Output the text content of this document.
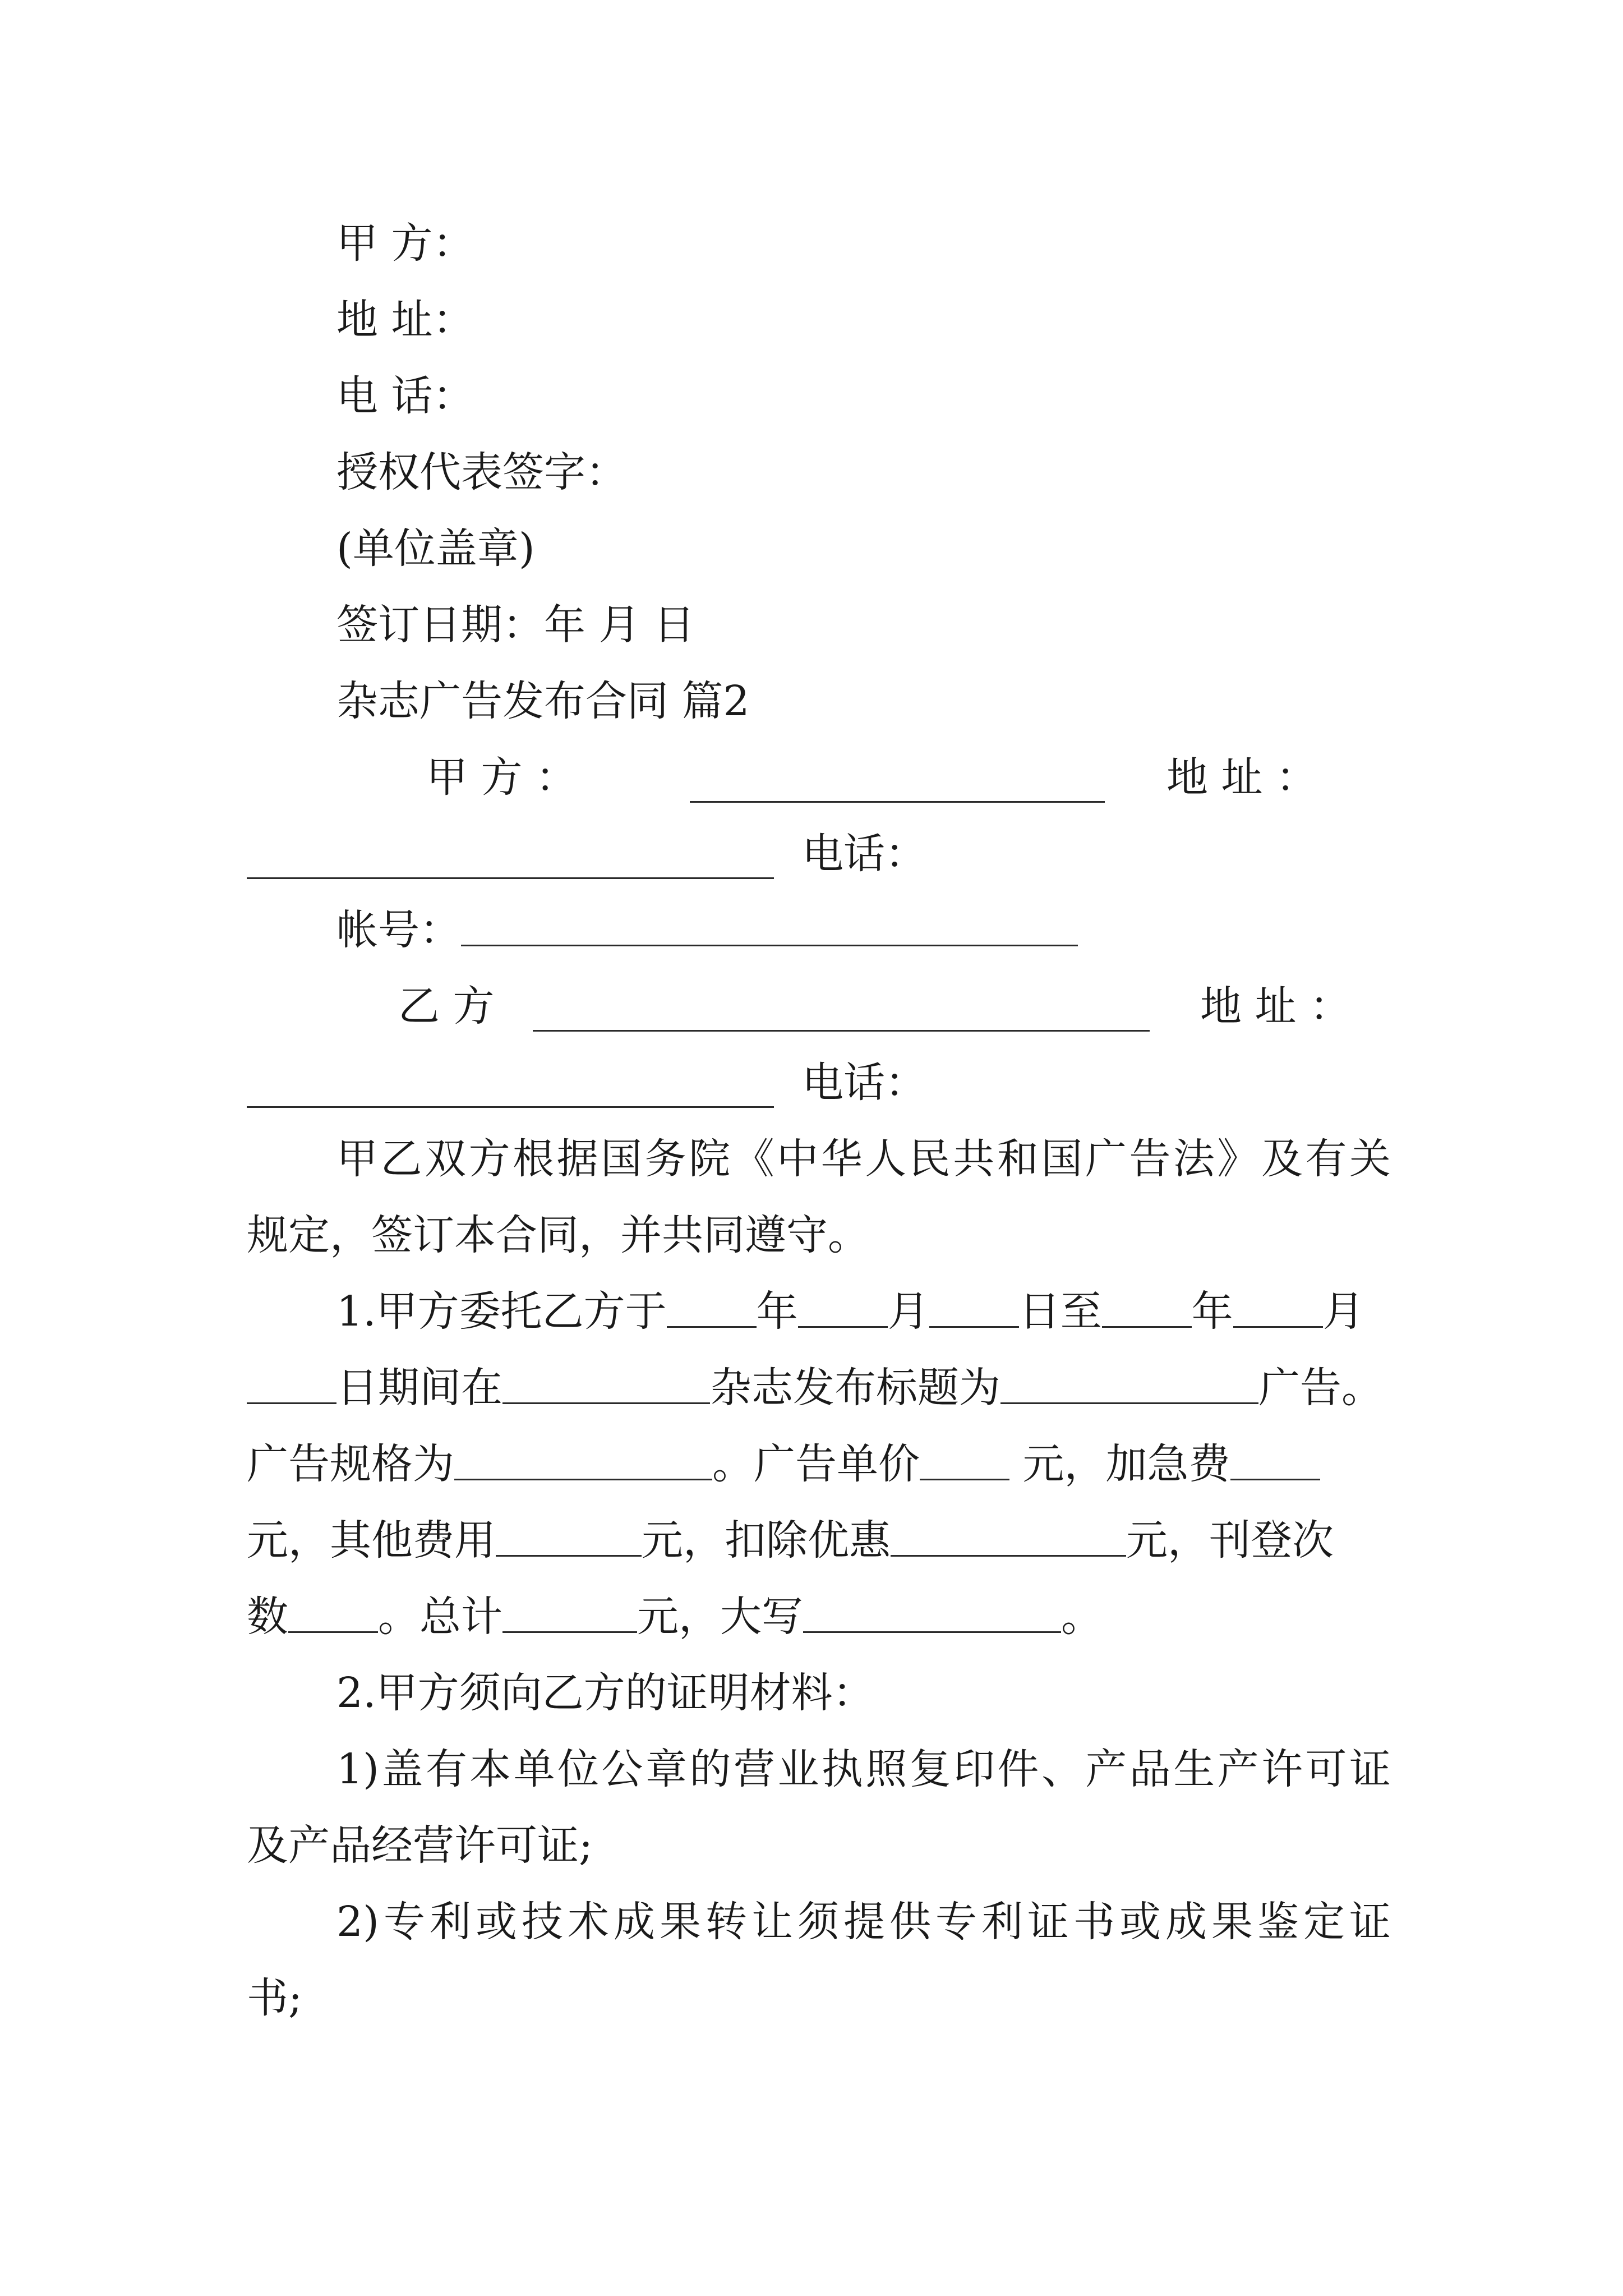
甲 方：
地 址：
电 话：
授权代表签字：
(单位盖章)
签订日期：年 月 日
杂志广告发布合同 篇2
甲 方 ：	地 址 ：
电话：
帐号：
乙 方	地 址 ：
电话：
甲乙双方根据国务院《中华人民共和国广告法》及有关
规定，签订本合同，并共同遵守。
1.甲方委托乙方于 年 月 日至 年 月
日期间在	杂志发布标题为	广告。
广告规格为	。广告单价 元，加急费
元，其他费用	元，扣除优惠	元，刊登次
数 。总计	元，大写	。
2.甲方须向乙方的证明材料：
1)盖有本单位公章的营业执照复印件、产品生产许可证
及产品经营许可证;
2)专利或技术成果转让须提供专利证书或成果鉴定证
书;
